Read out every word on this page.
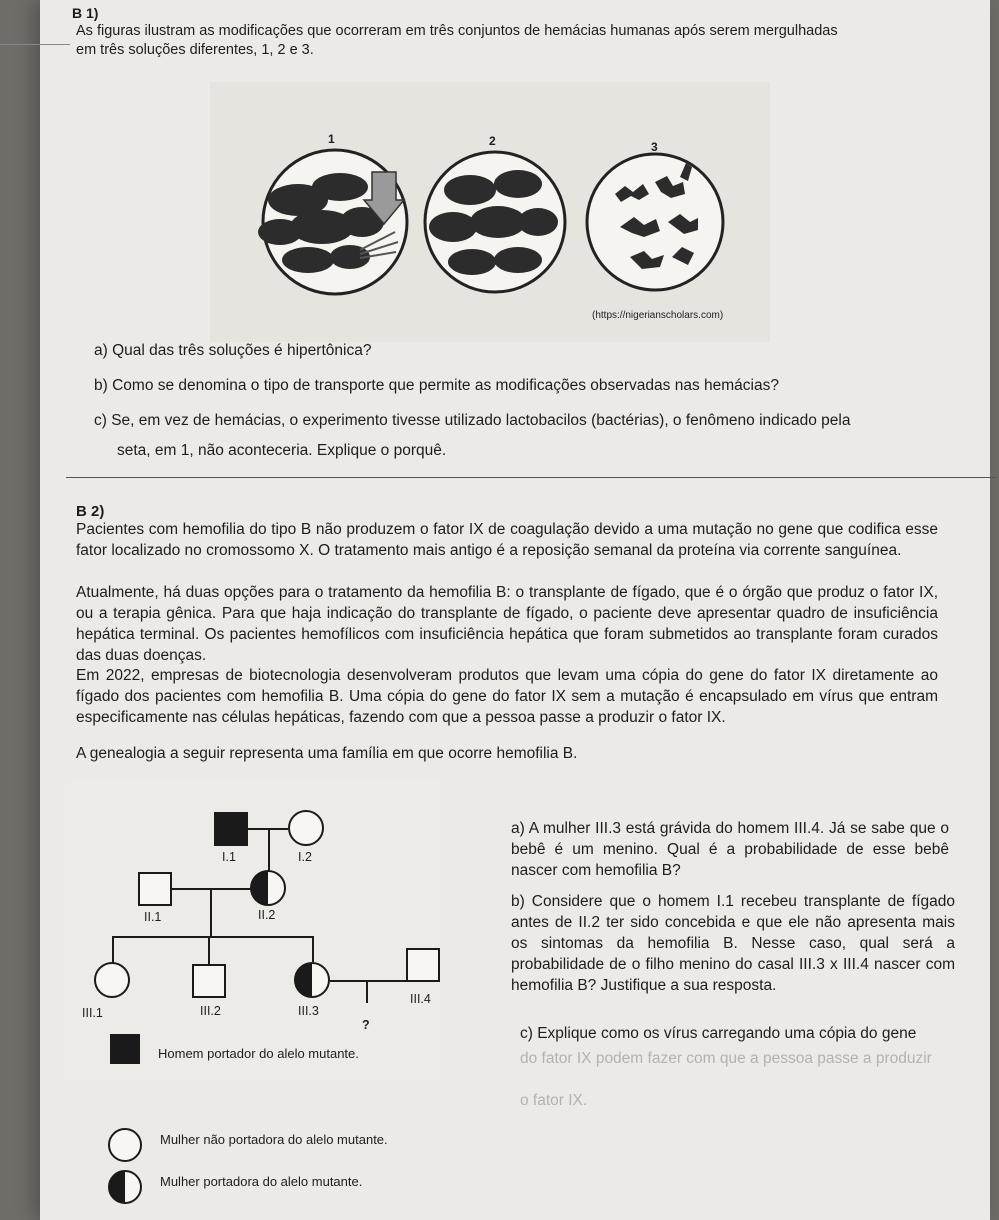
B 1)

As figuras ilustram as modificações que ocorreram em três conjuntos de hemácias humanas após serem mergulhadas

em três soluções diferentes, 1, 2 e 3.

1	2	3
(https://nigerianscholars.com)

a) Qual das três soluções é hipertônica?

b) Como se denomina o tipo de transporte que permite as modificações observadas nas hemácias?

c) Se, em vez de hemácias, o experimento tivesse utilizado lactobacilos (bactérias), o fenômeno indicado pela

seta, em 1, não aconteceria. Explique o porquê.

B 2)

Pacientes com hemofilia do tipo B não produzem o fator IX de coagulação devido a uma mutação no gene que codifica esse fator localizado no cromossomo X. O tratamento mais antigo é a reposição semanal da proteína via corrente sanguínea.

Atualmente, há duas opções para o tratamento da hemofilia B: o transplante de fígado, que é o órgão que produz o fator IX, ou a terapia gênica. Para que haja indicação do transplante de fígado, o paciente deve apresentar quadro de insuficiência hepática terminal. Os pacientes hemofílicos com insuficiência hepática que foram submetidos ao transplante foram curados das duas doenças.

Em 2022, empresas de biotecnologia desenvolveram produtos que levam uma cópia do gene do fator IX diretamente ao fígado dos pacientes com hemofilia B. Uma cópia do gene do fator IX sem a mutação é encapsulado em vírus que entram especificamente nas células hepáticas, fazendo com que a pessoa passe a produzir o fator IX.

A genealogia a seguir representa uma família em que ocorre hemofilia B.

I.1	I.2
II.1	II.2
III.1	III.2	III.3
III.4
?
Homem portador do alelo mutante.
Mulher não portadora do alelo mutante.
Mulher portadora do alelo mutante.

a) A mulher III.3 está grávida do homem III.4. Já se sabe que o bebê é um menino. Qual é a probabilidade de esse bebê nascer com hemofilia B?

b) Considere que o homem I.1 recebeu transplante de fígado antes de II.2 ter sido concebida e que ele não apresenta mais os sintomas da hemofilia B. Nesse caso, qual será a probabilidade de o filho menino do casal III.3 x III.4 nascer com hemofilia B? Justifique a sua resposta.

c) Explique como os vírus carregando uma cópia do gene

do fator IX podem fazer com que a pessoa passe a produzir

o fator IX.
